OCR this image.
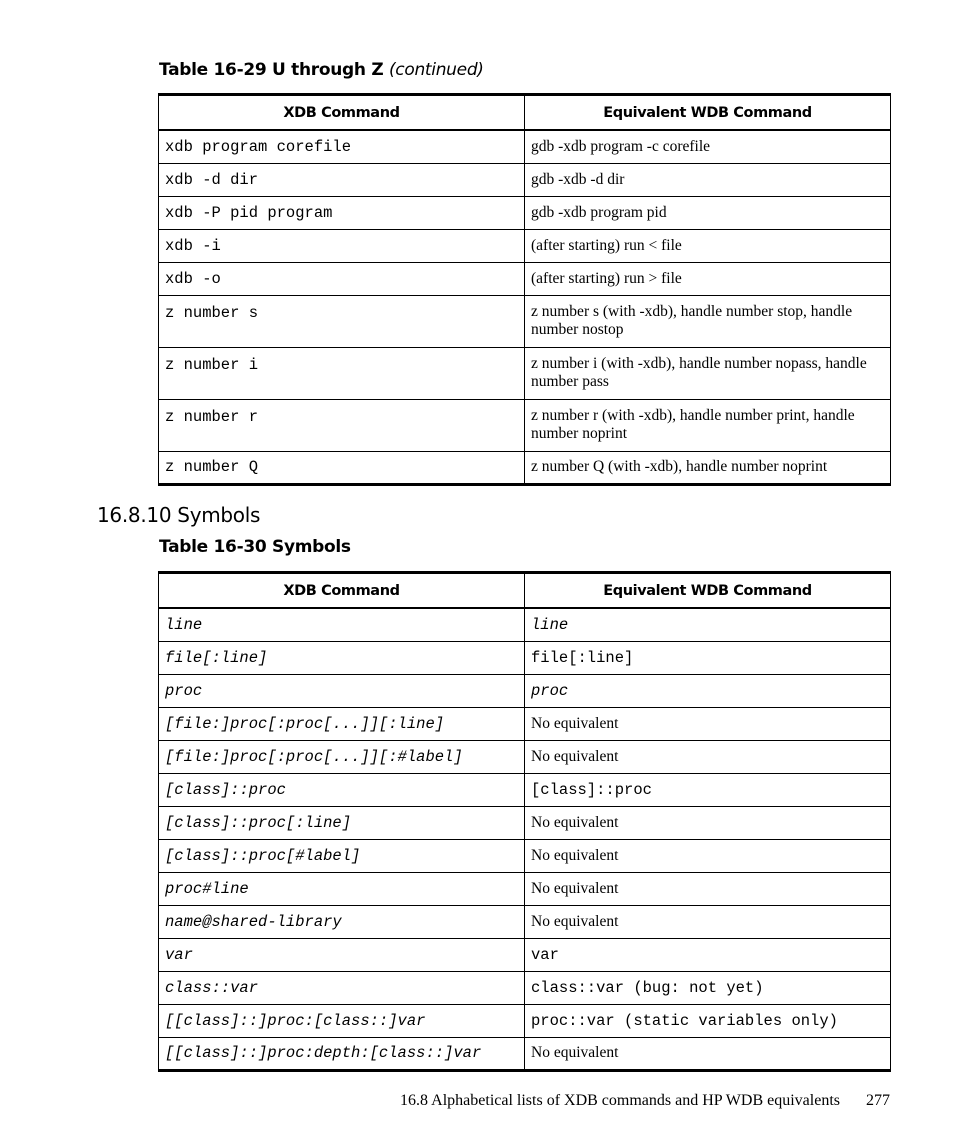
Table 16-29 U through Z (continued)
XDB Command	Equivalent WDB Command
xdb program corefile	gdb -xdb program -c corefile
xdb -d dir	gdb -xdb -d dir
xdb -P pid program	gdb -xdb program pid
xdb -i	(after starting) run < file
xdb -o	(after starting) run > file
z number s	z number s (with -xdb), handle number stop, handle number nostop
z number i	z number i (with -xdb), handle number nopass, handle number pass
z number r	z number r (with -xdb), handle number print, handle number noprint
z number Q	z number Q (with -xdb), handle number noprint
16.8.10 Symbols
Table 16-30 Symbols
XDB Command	Equivalent WDB Command
line	line
file[:line]	file[:line]
proc	proc
[file:]proc[:proc[...]][:line]	No equivalent
[file:]proc[:proc[...]][:#label]	No equivalent
[class]::proc	[class]::proc
[class]::proc[:line]	No equivalent
[class]::proc[#label]	No equivalent
proc#line	No equivalent
name@shared-library	No equivalent
var	var
class::var	class::var (bug: not yet)
[[class]::]proc:[class::]var	proc::var (static variables only)
[[class]::]proc:depth:[class::]var	No equivalent
16.8 Alphabetical lists of XDB commands and HP WDB equivalents 277
